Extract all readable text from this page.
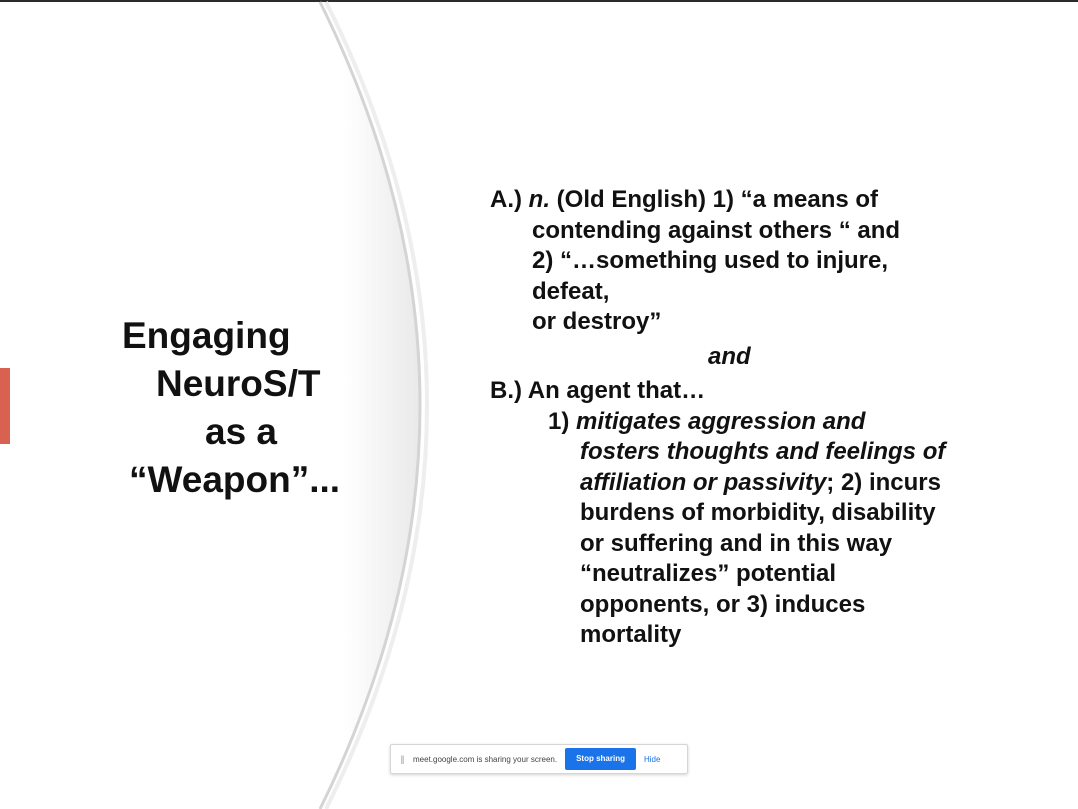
Engaging
NeuroS/T
as a
“Weapon”...
A.) n. (Old English) 1) “a means of
contending against others “ and
2) “…something used to injure,
defeat,
or destroy”
and
B.) An agent that…
1) mitigates aggression and
fosters thoughts and feelings of
affiliation or passivity; 2) incurs
burdens of morbidity, disability
or suffering and in this way
“neutralizes” potential
opponents, or 3) induces
mortality
||	meet.google.com is sharing your screen.	Stop sharing	Hide
